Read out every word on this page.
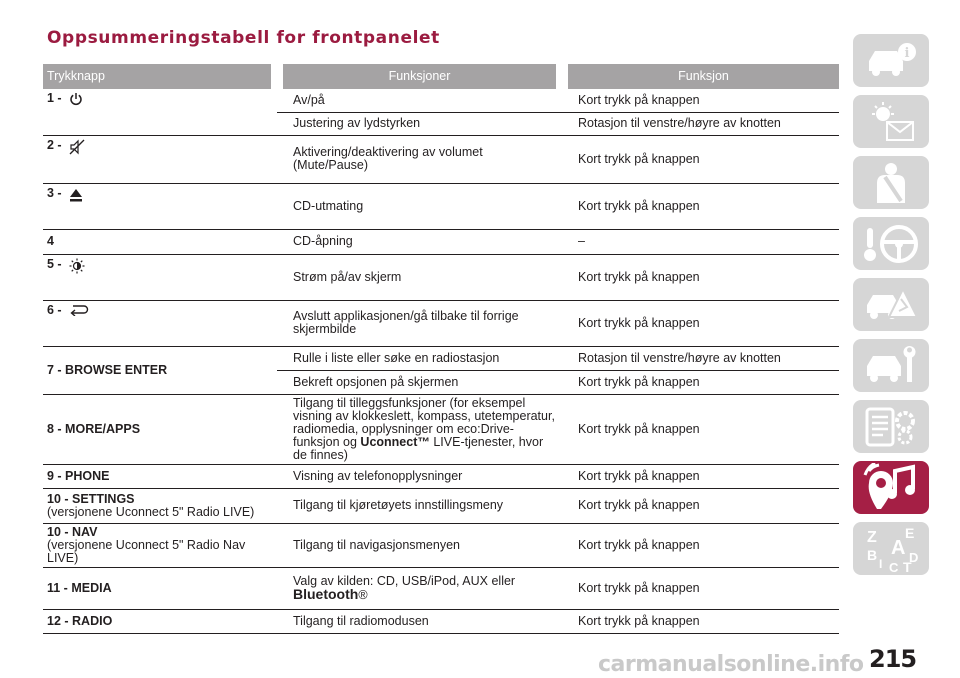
Oppsummeringstabell for frontpanelet
Trykknapp	Funksjoner	Funksjon
1 -	Av/på	Kort trykk på knappen
	Justering av lydstyrken	Rotasjon til venstre/høyre av knotten
2 -	Aktivering/deaktivering av volumet (Mute/Pause)	Kort trykk på knappen
3 -	CD-utmating	Kort trykk på knappen
4	CD-åpning	–
5 -	Strøm på/av skjerm	Kort trykk på knappen
6 -	Avslutt applikasjonen/gå tilbake til forrige skjermbilde	Kort trykk på knappen
7 - BROWSE ENTER	Rulle i liste eller søke en radiostasjon	Rotasjon til venstre/høyre av knotten
	Bekreft opsjonen på skjermen	Kort trykk på knappen
8 - MORE/APPS	Tilgang til tilleggsfunksjoner (for eksempel visning av klokkeslett, kompass, utetemperatur, radiomedia, opplysninger om eco:Drive-funksjon og Uconnect™ LIVE-tjenester, hvor de finnes)	Kort trykk på knappen
9 - PHONE	Visning av telefonopplysninger	Kort trykk på knappen
10 - SETTINGS
(versjonene Uconnect 5" Radio LIVE)	Tilgang til kjøretøyets innstillingsmeny	Kort trykk på knappen
10 - NAV
(versjonene Uconnect 5" Radio Nav LIVE)	Tilgang til navigasjonsmenyen	Kort trykk på knappen
11 - MEDIA	Valg av kilden: CD, USB/iPod, AUX eller Bluetooth®	Kort trykk på knappen
12 - RADIO	Tilgang til radiomodusen	Kort trykk på knappen
i
Z E
A
B
I C T
D
carmanualsonline.info 215
